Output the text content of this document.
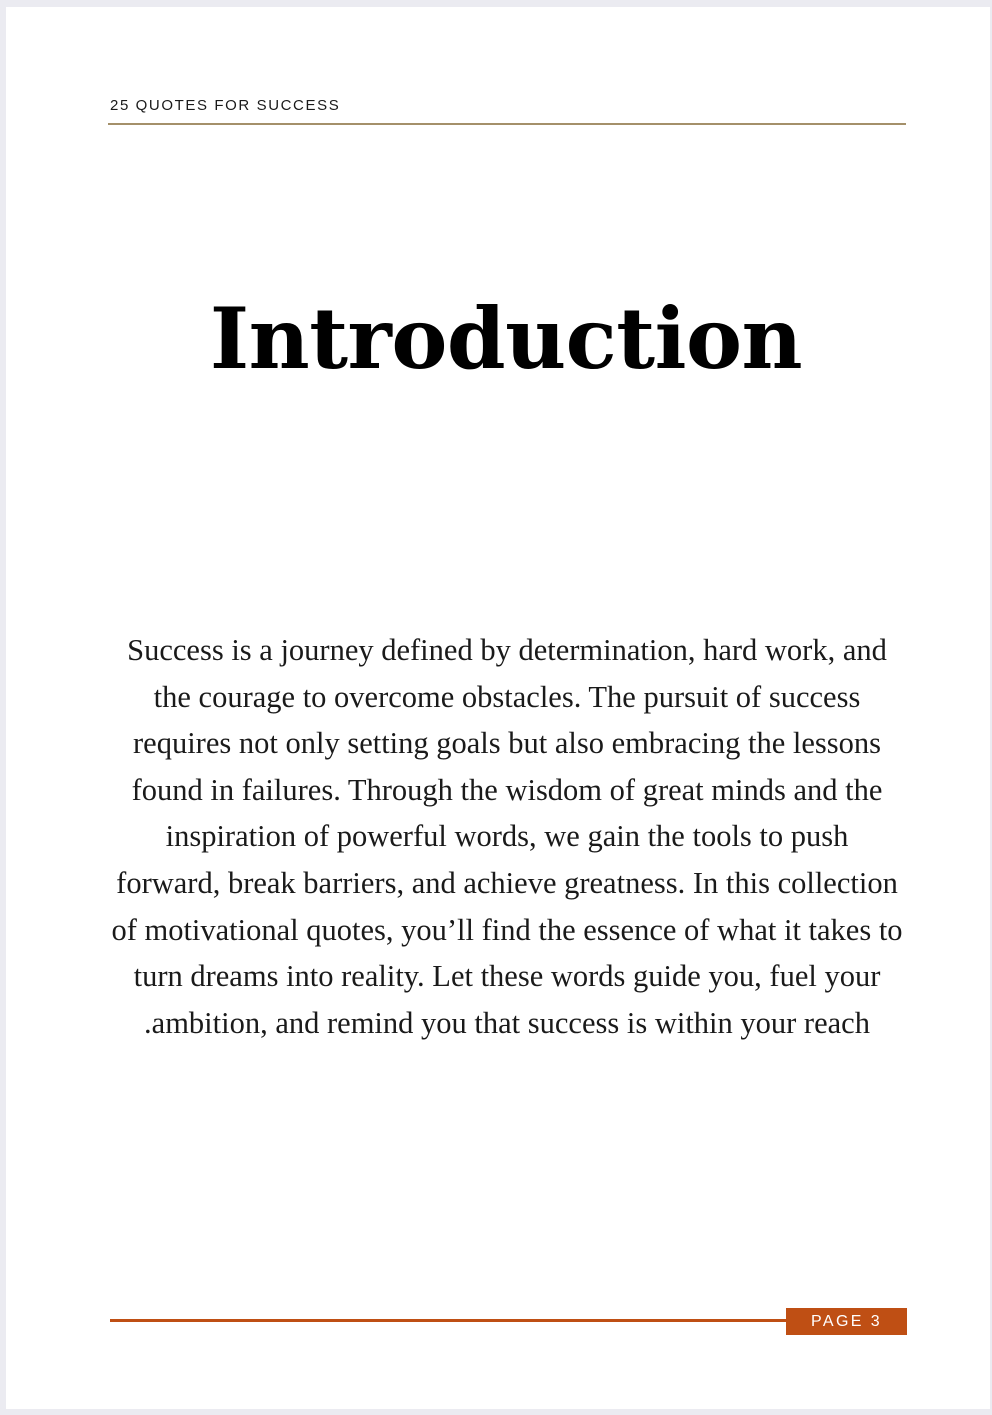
25 QUOTES FOR SUCCESS
Introduction

Success is a journey defined by determination, hard work, and
the courage to overcome obstacles. The pursuit of success
requires not only setting goals but also embracing the lessons
found in failures. Through the wisdom of great minds and the
inspiration of powerful words, we gain the tools to push
forward, break barriers, and achieve greatness. In this collection
of motivational quotes, you’ll find the essence of what it takes to
turn dreams into reality. Let these words guide you, fuel your
.ambition, and remind you that success is within your reach

PAGE 3
